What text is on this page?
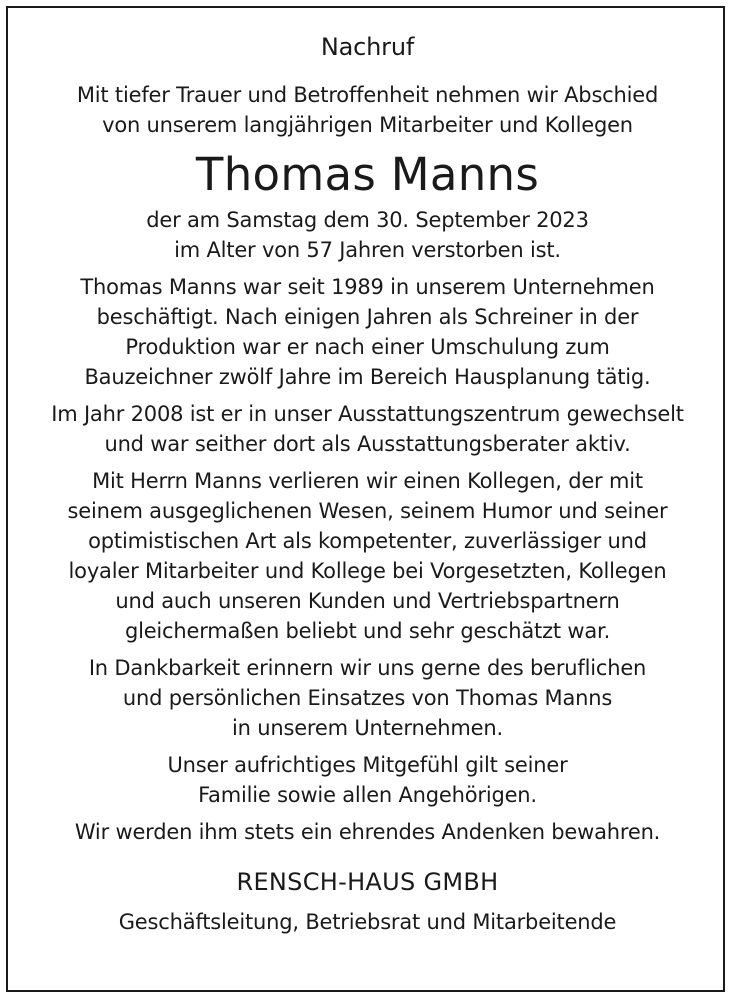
Nachruf
Mit tiefer Trauer und Betroffenheit nehmen wir Abschied
von unserem langjährigen Mitarbeiter und Kollegen
Thomas Manns
der am Samstag dem 30. September 2023
im Alter von 57 Jahren verstorben ist.
Thomas Manns war seit 1989 in unserem Unternehmen
beschäftigt. Nach einigen Jahren als Schreiner in der
Produktion war er nach einer Umschulung zum
Bauzeichner zwölf Jahre im Bereich Hausplanung tätig.
Im Jahr 2008 ist er in unser Ausstattungszentrum gewechselt
und war seither dort als Ausstattungsberater aktiv.
Mit Herrn Manns verlieren wir einen Kollegen, der mit
seinem ausgeglichenen Wesen, seinem Humor und seiner
optimistischen Art als kompetenter, zuverlässiger und
loyaler Mitarbeiter und Kollege bei Vorgesetzten, Kollegen
und auch unseren Kunden und Vertriebspartnern
gleichermaßen beliebt und sehr geschätzt war.
In Dankbarkeit erinnern wir uns gerne des beruflichen
und persönlichen Einsatzes von Thomas Manns
in unserem Unternehmen.
Unser aufrichtiges Mitgefühl gilt seiner
Familie sowie allen Angehörigen.
Wir werden ihm stets ein ehrendes Andenken bewahren.
RENSCH-HAUS GMBH
Geschäftsleitung, Betriebsrat und Mitarbeitende
